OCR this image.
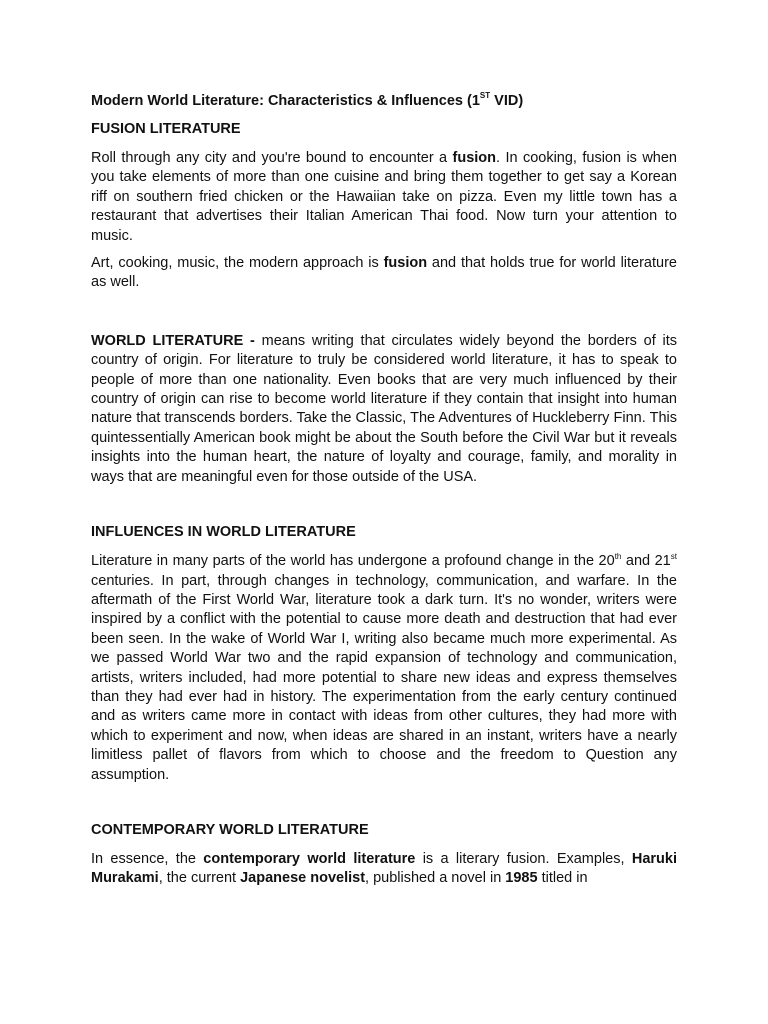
Modern World Literature: Characteristics & Influences (1ST VID)
FUSION LITERATURE

Roll through any city and you're bound to encounter a fusion. In cooking, fusion is when you take elements of more than one cuisine and bring them together to get say a Korean riff on southern fried chicken or the Hawaiian take on pizza. Even my little town has a restaurant that advertises their Italian American Thai food. Now turn your attention to music.

Art, cooking, music, the modern approach is fusion and that holds true for world literature as well.

WORLD LITERATURE - means writing that circulates widely beyond the borders of its country of origin. For literature to truly be considered world literature, it has to speak to people of more than one nationality. Even books that are very much influenced by their country of origin can rise to become world literature if they contain that insight into human nature that transcends borders. Take the Classic, The Adventures of Huckleberry Finn. This quintessentially American book might be about the South before the Civil War but it reveals insights into the human heart, the nature of loyalty and courage, family, and morality in ways that are meaningful even for those outside of the USA.

INFLUENCES IN WORLD LITERATURE

Literature in many parts of the world has undergone a profound change in the 20th and 21st centuries. In part, through changes in technology, communication, and warfare. In the aftermath of the First World War, literature took a dark turn. It's no wonder, writers were inspired by a conflict with the potential to cause more death and destruction that had ever been seen. In the wake of World War I, writing also became much more experimental. As we passed World War two and the rapid expansion of technology and communication, artists, writers included, had more potential to share new ideas and express themselves than they had ever had in history. The experimentation from the early century continued and as writers came more in contact with ideas from other cultures, they had more with which to experiment and now, when ideas are shared in an instant, writers have a nearly limitless pallet of flavors from which to choose and the freedom to Question any assumption.

CONTEMPORARY WORLD LITERATURE

In essence, the contemporary world literature is a literary fusion. Examples, Haruki Murakami, the current Japanese novelist, published a novel in 1985 titled in
